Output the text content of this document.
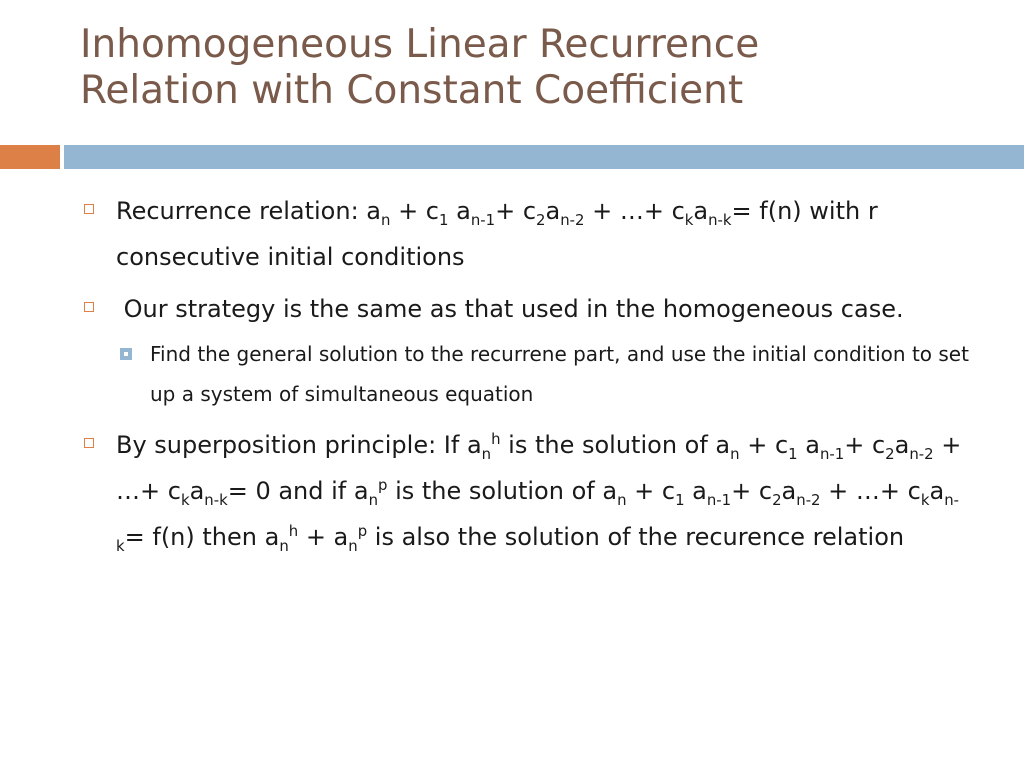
Inhomogeneous Linear Recurrence
Relation with Constant Coefficient
Recurrence relation: $a_n + c_1$ $a_{n-1}+ c_2a_{n-2}$ + …+ $c_ka_{n-k}= f(n)$ with r consecutive initial conditions
Our strategy is the same as that used in the homogeneous case.
Find the general solution to the recurrene part, and use the initial condition to set up a system of simultaneous equation
By superposition principle: If $a_n^h$ is the solution of $a_n + c_1$ $a_{n-1}+ c_2a_{n-2}$ + …+ $c_ka_{n-k}= 0$ and if $a_n^p$ is the solution of $a_n + c_1$ $a_{n-1}+ c_2a_{n-2}$ + …+ $c_ka_{n-k}= f(n)$ then $a_n^h + a_n^p$ is also the solution of the recurence relation
